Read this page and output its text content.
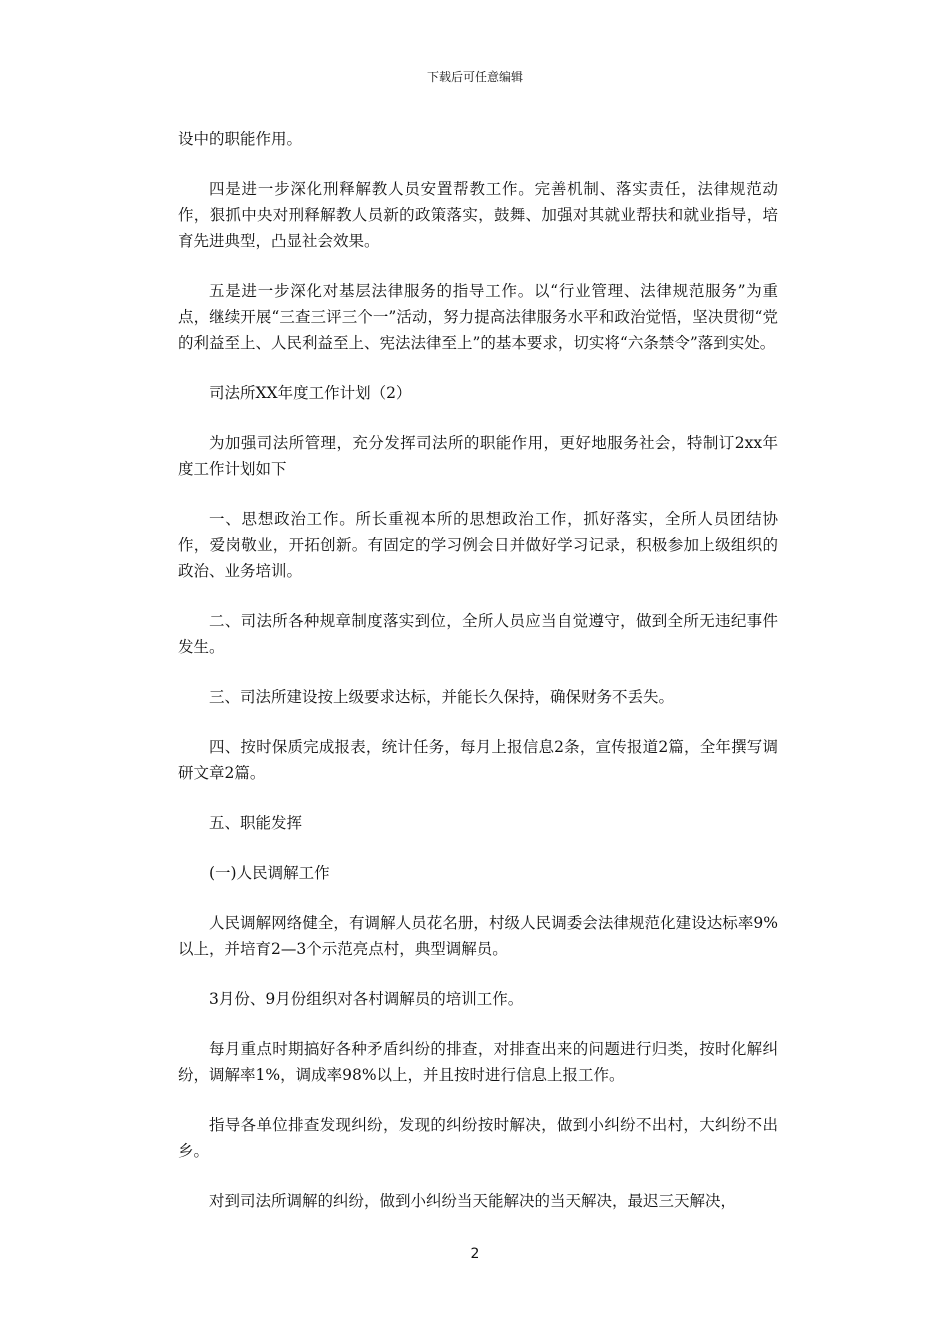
下载后可任意编辑

设中的职能作用。

四是进一步深化刑释解教人员安置帮教工作。完善机制、落实责任，法律规范动作，狠抓中央对刑释解教人员新的政策落实，鼓舞、加强对其就业帮扶和就业指导，培育先进典型，凸显社会效果。

五是进一步深化对基层法律服务的指导工作。以“行业管理、法律规范服务”为重点，继续开展“三查三评三个一”活动，努力提高法律服务水平和政治觉悟，坚决贯彻“党的利益至上、人民利益至上、宪法法律至上”的基本要求，切实将“六条禁令”落到实处。

司法所XX年度工作计划（2）

为加强司法所管理，充分发挥司法所的职能作用，更好地服务社会，特制订2xx年度工作计划如下

一、思想政治工作。所长重视本所的思想政治工作，抓好落实，全所人员团结协作，爱岗敬业，开拓创新。有固定的学习例会日并做好学习记录，积极参加上级组织的政治、业务培训。

二、司法所各种规章制度落实到位，全所人员应当自觉遵守，做到全所无违纪事件发生。

三、司法所建设按上级要求达标，并能长久保持，确保财务不丢失。

四、按时保质完成报表，统计任务，每月上报信息2条，宣传报道2篇，全年撰写调研文章2篇。

五、职能发挥

(一)人民调解工作

人民调解网络健全，有调解人员花名册，村级人民调委会法律规范化建设达标率9%以上，并培育2—3个示范亮点村，典型调解员。

3月份、9月份组织对各村调解员的培训工作。

每月重点时期搞好各种矛盾纠纷的排查，对排查出来的问题进行归类，按时化解纠纷，调解率1%，调成率98%以上，并且按时进行信息上报工作。

指导各单位排查发现纠纷，发现的纠纷按时解决，做到小纠纷不出村，大纠纷不出乡。

对到司法所调解的纠纷，做到小纠纷当天能解决的当天解决，最迟三天解决，

2
